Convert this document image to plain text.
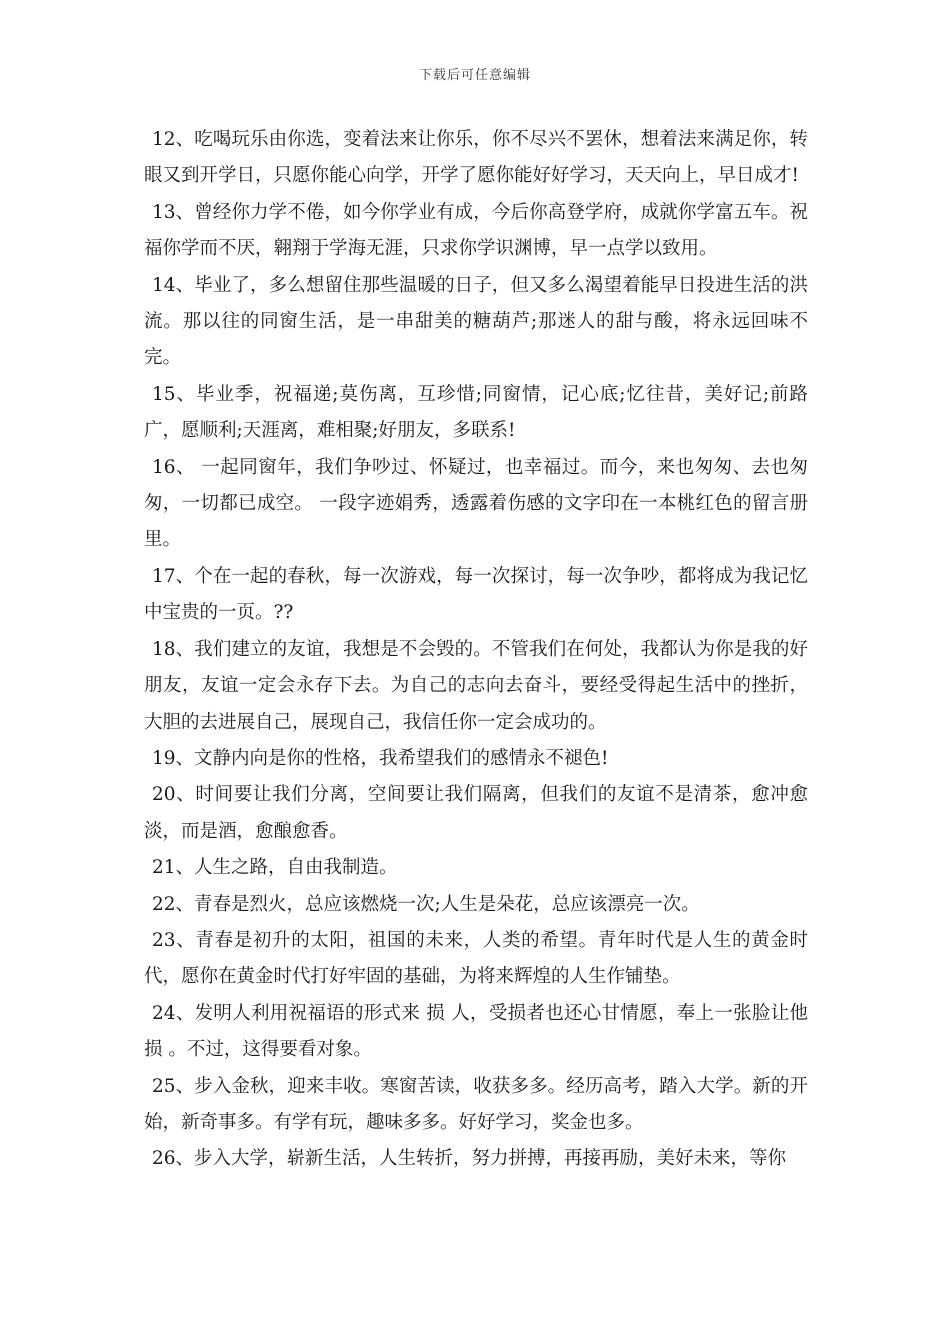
下载后可任意编辑

12、吃喝玩乐由你选，变着法来让你乐，你不尽兴不罢休，想着法来满足你，转眼又到开学日，只愿你能心向学，开学了愿你能好好学习，天天向上，早日成才!

13、曾经你力学不倦，如今你学业有成，今后你高登学府，成就你学富五车。祝福你学而不厌，翱翔于学海无涯，只求你学识渊博，早一点学以致用。

14、毕业了，多么想留住那些温暖的日子，但又多么渴望着能早日投进生活的洪流。那以往的同窗生活，是一串甜美的糖葫芦;那迷人的甜与酸，将永远回味不完。

15、毕业季，祝福递;莫伤离，互珍惜;同窗情，记心底;忆往昔，美好记;前路广，愿顺利;天涯离，难相聚;好朋友，多联系!

16、 一起同窗年，我们争吵过、怀疑过，也幸福过。而今，来也匆匆、去也匆匆，一切都已成空。 一段字迹娟秀，透露着伤感的文字印在一本桃红色的留言册里。

17、个在一起的春秋，每一次游戏，每一次探讨，每一次争吵，都将成为我记忆中宝贵的一页。??

18、我们建立的友谊，我想是不会毁的。不管我们在何处，我都认为你是我的好朋友，友谊一定会永存下去。为自己的志向去奋斗，要经受得起生活中的挫折，大胆的去进展自己，展现自己，我信任你一定会成功的。

19、文静内向是你的性格，我希望我们的感情永不褪色!

20、时间要让我们分离，空间要让我们隔离，但我们的友谊不是清茶，愈冲愈淡，而是酒，愈酿愈香。

21、人生之路，自由我制造。

22、青春是烈火，总应该燃烧一次;人生是朵花，总应该漂亮一次。

23、青春是初升的太阳，祖国的未来，人类的希望。青年时代是人生的黄金时代，愿你在黄金时代打好牢固的基础，为将来辉煌的人生作铺垫。

24、发明人利用祝福语的形式来 损 人，受损者也还心甘情愿，奉上一张脸让他 损 。不过，这得要看对象。

25、步入金秋，迎来丰收。寒窗苦读，收获多多。经历高考，踏入大学。新的开始，新奇事多。有学有玩，趣味多多。好好学习，奖金也多。

26、步入大学，崭新生活，人生转折，努力拼搏，再接再励，美好未来，等你
